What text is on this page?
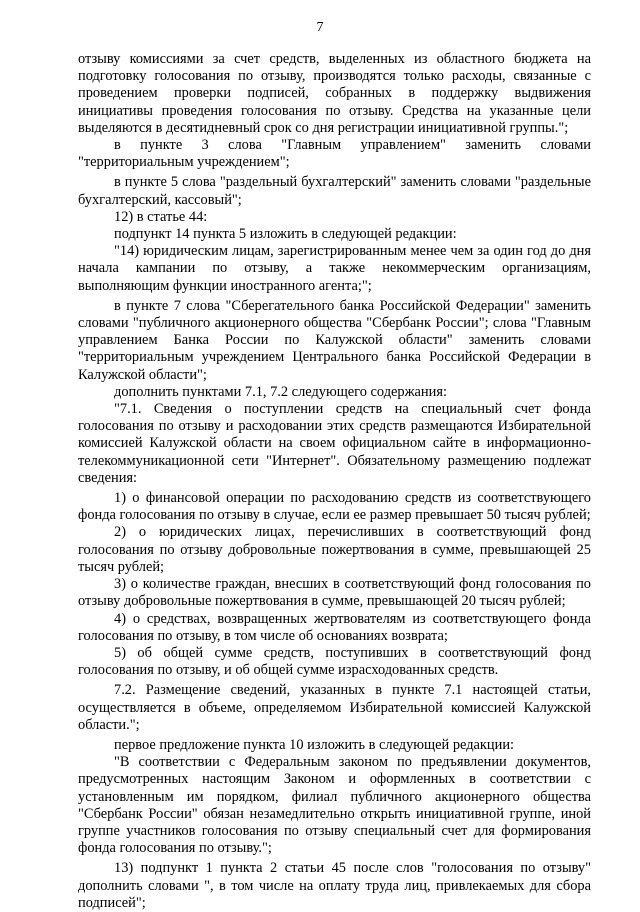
7

отзыву комиссиями за счет средств, выделенных из областного бюджета на подготовку голосования по отзыву, производятся только расходы, связанные с проведением проверки подписей, собранных в поддержку выдвижения инициативы проведения голосования по отзыву. Средства на указанные цели выделяются в десятидневный срок со дня регистрации инициативной группы.";

в пункте 3 слова "Главным управлением" заменить словами "территориальным учреждением";

в пункте 5 слова "раздельный бухгалтерский" заменить словами "раздельные бухгалтерский, кассовый";

12) в статье 44:

подпункт 14 пункта 5 изложить в следующей редакции:

"14) юридическим лицам, зарегистрированным менее чем за один год до дня начала кампании по отзыву, а также некоммерческим организациям, выполняющим функции иностранного агента;";

в пункте 7 слова "Сберегательного банка Российской Федерации" заменить словами "публичного акционерного общества "Сбербанк России"; слова "Главным управлением Банка России по Калужской области" заменить словами "территориальным учреждением Центрального банка Российской Федерации в Калужской области";

дополнить пунктами 7.1, 7.2 следующего содержания:

"7.1. Сведения о поступлении средств на специальный счет фонда голосования по отзыву и расходовании этих средств размещаются Избирательной комиссией Калужской области на своем официальном сайте в информационно-телекоммуникационной сети "Интернет". Обязательному размещению подлежат сведения:

1) о финансовой операции по расходованию средств из соответствующего фонда голосования по отзыву в случае, если ее размер превышает 50 тысяч рублей;

2) о юридических лицах, перечисливших в соответствующий фонд голосования по отзыву добровольные пожертвования в сумме, превышающей 25 тысяч рублей;

3) о количестве граждан, внесших в соответствующий фонд голосования по отзыву добровольные пожертвования в сумме, превышающей 20 тысяч рублей;

4) о средствах, возвращенных жертвователям из соответствующего фонда голосования по отзыву, в том числе об основаниях возврата;

5) об общей сумме средств, поступивших в соответствующий фонд голосования по отзыву, и об общей сумме израсходованных средств.

7.2. Размещение сведений, указанных в пункте 7.1 настоящей статьи, осуществляется в объеме, определяемом Избирательной комиссией Калужской области.";

первое предложение пункта 10 изложить в следующей редакции:

"В соответствии с Федеральным законом по предъявлении документов, предусмотренных настоящим Законом и оформленных в соответствии с установленным им порядком, филиал публичного акционерного общества "Сбербанк России" обязан незамедлительно открыть инициативной группе, иной группе участников голосования по отзыву специальный счет для формирования фонда голосования по отзыву.";

13) подпункт 1 пункта 2 статьи 45 после слов "голосования по отзыву" дополнить словами ", в том числе на оплату труда лиц, привлекаемых для сбора подписей";
